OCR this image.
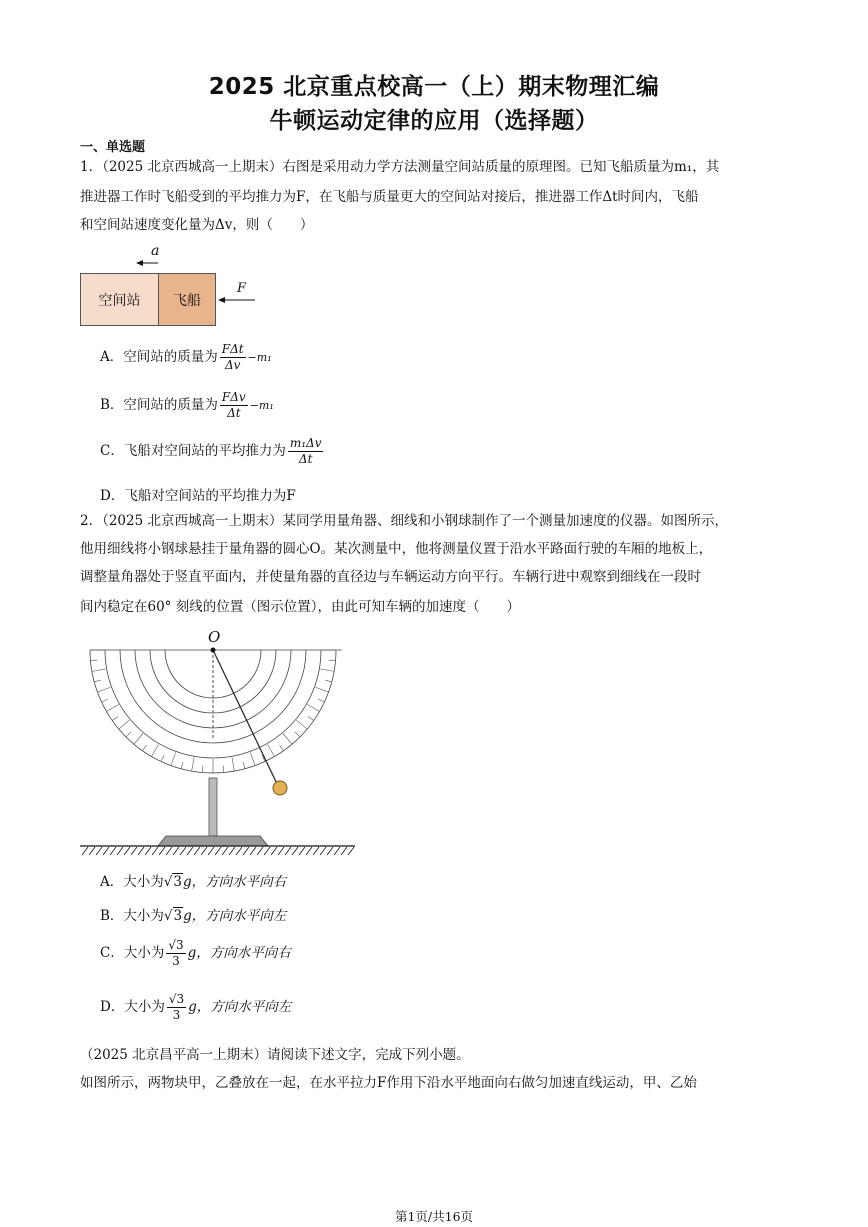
2025 北京重点校高一（上）期末物理汇编
牛顿运动定律的应用（选择题）
一、单选题
1．（2025 北京西城高一上期末）右图是采用动力学方法测量空间站质量的原理图。已知飞船质量为m₁，其
推进器工作时飞船受到的平均推力为F，在飞船与质量更大的空间站对接后，推进器工作Δt时间内，飞船
和空间站速度变化量为Δv，则（　　）
a
空间站	飞船
F
A．空间站的质量为 $\frac{\text{FΔt}}{\Delta v} -m_1$
B．空间站的质量为 $\frac{\text{FΔv}}{\Delta t} -m_1$
C．飞船对空间站的平均推力为 $\frac{\text{m₁Δv}}{\Delta t}$
D．飞船对空间站的平均推力为F
2．（2025 北京西城高一上期末）某同学用量角器、细线和小钢球制作了一个测量加速度的仪器。如图所示，
他用细线将小钢球悬挂于量角器的圆心O。某次测量中，他将测量仪置于沿水平路面行驶的车厢的地板上，
调整量角器处于竖直平面内，并使量角器的直径边与车辆运动方向平行。车辆行进中观察到细线在一段时
间内稳定在60° 刻线的位置（图示位置），由此可知车辆的加速度（　　）
O
A．大小为√3g，方向水平向右
B．大小为√3g，方向水平向左
C．大小为 $\frac{√3}{3}$ g，方向水平向右
D．大小为 $\frac{√3}{3}$ g，方向水平向左
（2025 北京昌平高一上期末）请阅读下述文字，完成下列小题。
如图所示，两物块甲，乙叠放在一起，在水平拉力F作用下沿水平地面向右做匀加速直线运动，甲、乙始
第1页/共16页
